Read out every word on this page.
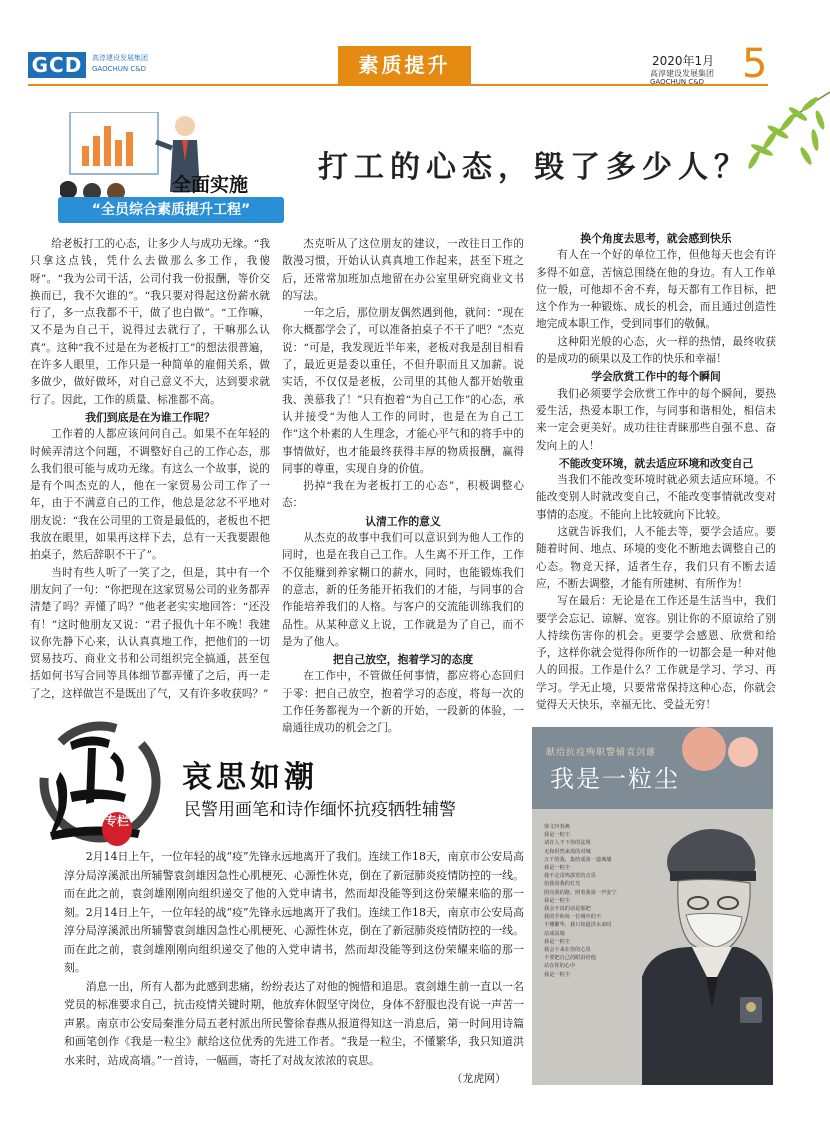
GCD	高淳建设发展集团
GAOCHUN C&D	素质提升	2020年1月
高淳建设发展集团
GAOCHUN C&D 5
全面实施
“全员综合素质提升工程”
打工的心态，毁了多少人？

给老板打工的心态，让多少人与成功无缘。“我只拿这点钱，凭什么去做那么多工作，我傻呀”。“我为公司干活，公司付我一份报酬，等价交换而已，我不欠谁的”。“我只要对得起这份薪水就行了，多一点我都不干，做了也白做”。“工作嘛，又不是为自己干，说得过去就行了，干嘛那么认真”。这种“我不过是在为老板打工”的想法很普遍，在许多人眼里，工作只是一种简单的雇佣关系，做多做少，做好做坏，对自己意义不大，达到要求就行了。因此，工作的质量、标准都不高。

我们到底是在为谁工作呢？

工作着的人都应该问问自己。如果不在年轻的时候弄清这个问题，不调整好自己的工作心态，那么我们很可能与成功无缘。有这么一个故事，说的是有个叫杰克的人，他在一家贸易公司工作了一年，由于不满意自己的工作，他总是忿忿不平地对朋友说：“我在公司里的工资是最低的，老板也不把我放在眼里，如果再这样下去，总有一天我要跟他拍桌子，然后辞职不干了”。

当时有些人听了一笑了之，但是，其中有一个朋友问了一句：“你把现在这家贸易公司的业务都弄清楚了吗？弄懂了吗？”他老老实实地回答：“还没有！”这时他朋友又说：“君子报仇十年不晚！我建议你先静下心来，认认真真地工作，把他们的一切贸易技巧、商业文书和公司组织完全搞通，甚至包括如何书写合同等具体细节都弄懂了之后，再一走了之，这样做岂不是既出了气，又有许多收获吗？”

杰克听从了这位朋友的建议，一改往日工作的散漫习惯，开始认认真真地工作起来，甚至下班之后，还常常加班加点地留在办公室里研究商业文书的写法。

一年之后，那位朋友偶然遇到他，就问：“现在你大概都学会了，可以准备拍桌子不干了吧？”杰克说：“可是，我发现近半年来，老板对我是刮目相看了，最近更是委以重任，不但升职而且又加薪。说实话，不仅仅是老板，公司里的其他人都开始敬重我、羡慕我了！”只有抱着“为自己工作”的心态，承认并接受“为他人工作的同时，也是在为自己工作”这个朴素的人生理念，才能心平气和的将手中的事情做好，也才能最终获得丰厚的物质报酬，赢得同事的尊重，实现自身的价值。

扔掉“我在为老板打工的心态”，积极调整心态：

认清工作的意义

从杰克的故事中我们可以意识到为他人工作的同时，也是在我自己工作。人生离不开工作，工作不仅能赚到养家糊口的薪水，同时，也能锻炼我们的意志，新的任务能开拓我们的才能，与同事的合作能培养我们的人格。与客户的交流能训练我们的品性。从某种意义上说，工作就是为了自己，而不是为了他人。

把自己放空，抱着学习的态度

在工作中，不管做任何事情，都应将心态回归于零：把自己放空，抱着学习的态度，将每一次的工作任务都视为一个新的开始，一段新的体验，一扇通往成功的机会之门。

换个角度去思考，就会感到快乐

有人在一个好的单位工作，但他每天也会有许多得不如意，苦恼总围绕在他的身边。有人工作单位一般，可他却不舍不弃，每天都有工作目标，把这个作为一种锻炼、成长的机会，而且通过创造性地完成本职工作，受到同事们的敬佩。

这种阳光般的心态，火一样的热情，最终收获的是成功的硕果以及工作的快乐和幸福！

学会欣赏工作中的每个瞬间

我们必须要学会欣赏工作中的每个瞬间，要热爱生活，热爱本职工作，与同事和谐相处，相信未来一定会更美好。成功往往青睐那些自强不息、奋发向上的人！

不能改变环境，就去适应环境和改变自己

当我们不能改变环境时就必须去适应环境。不能改变别人时就改变自己，不能改变事情就改变对事情的态度。不能向上比较就向下比较。

这就告诉我们，人不能去等，要学会适应。要随着时间、地点、环境的变化不断地去调整自己的心态。物竞天择，适者生存，我们只有不断去适应，不断去调整，才能有所建树、有所作为！

写在最后：无论是在工作还是生活当中，我们要学会忘记、谅解、宽容。别让你的不原谅给了别人持续伤害你的机会。更要学会感恩、欣赏和给予，这样你就会觉得你所作的一切都会是一种对他人的回报。工作是什么？工作就是学习、学习、再学习。学无止境，只要常常保持这种心态，你就会觉得天天快乐，幸福无比、受益无穷！

专栏
哀思如潮
民警用画笔和诗作缅怀抗疫牺牲辅警

2月14日上午，一位年轻的战“疫”先锋永远地离开了我们。连续工作18天，南京市公安局高淳分局淳溪派出所辅警袁剑雄因急性心肌梗死、心源性休克，倒在了新冠肺炎疫情防控的一线。而在此之前，袁剑雄刚刚向组织递交了他的入党申请书，然而却没能等到这份荣耀来临的那一刻。2月14日上午，一位年轻的战“疫”先锋永远地离开了我们。连续工作18天，南京市公安局高淳分局淳溪派出所辅警袁剑雄因急性心肌梗死、心源性休克，倒在了新冠肺炎疫情防控的一线。而在此之前，袁剑雄刚刚向组织递交了他的入党申请书，然而却没能等到这份荣耀来临的那一刻。

消息一出，所有人都为此感到悲痛，纷纷表达了对他的惋惜和追思。袁剑雄生前一直以一名党员的标准要求自己，抗击疫情关键时期，他放弃休假坚守岗位，身体不舒服也没有说一声苦一声累。南京市公安局秦淮分局五老村派出所民警徐春燕从报道得知这一消息后，第一时间用诗篇和画笔创作《我是一粒尘》献给这位优秀的先进工作者。“我是一粒尘，不懂繁华，我只知道洪水来时，站成高墙。”一首诗，一幅画，寄托了对战友浓浓的哀思。

（龙虎网）

献给抗疫殉职警辅袁剑雄
我是一粒尘
徐文玲春燕
我是一粒尘
请许人不下你的法规
无和坦然来需的对城
万千的我，集结成第一道城墙
我是一粒尘
我不走雷鸣霹雳的音乐
但我用我的灯光
照亮我的路，照着我第一声安宁
我是一粒尘
我会不说的话是那把
我的手和每一位城中的不
不懂繁华，我只知道洪水来时
站成高墙
我是一粒尘
我会下来在你的心里
不要把自己的眼泪给他
站在你的心中
我是一粒尘
